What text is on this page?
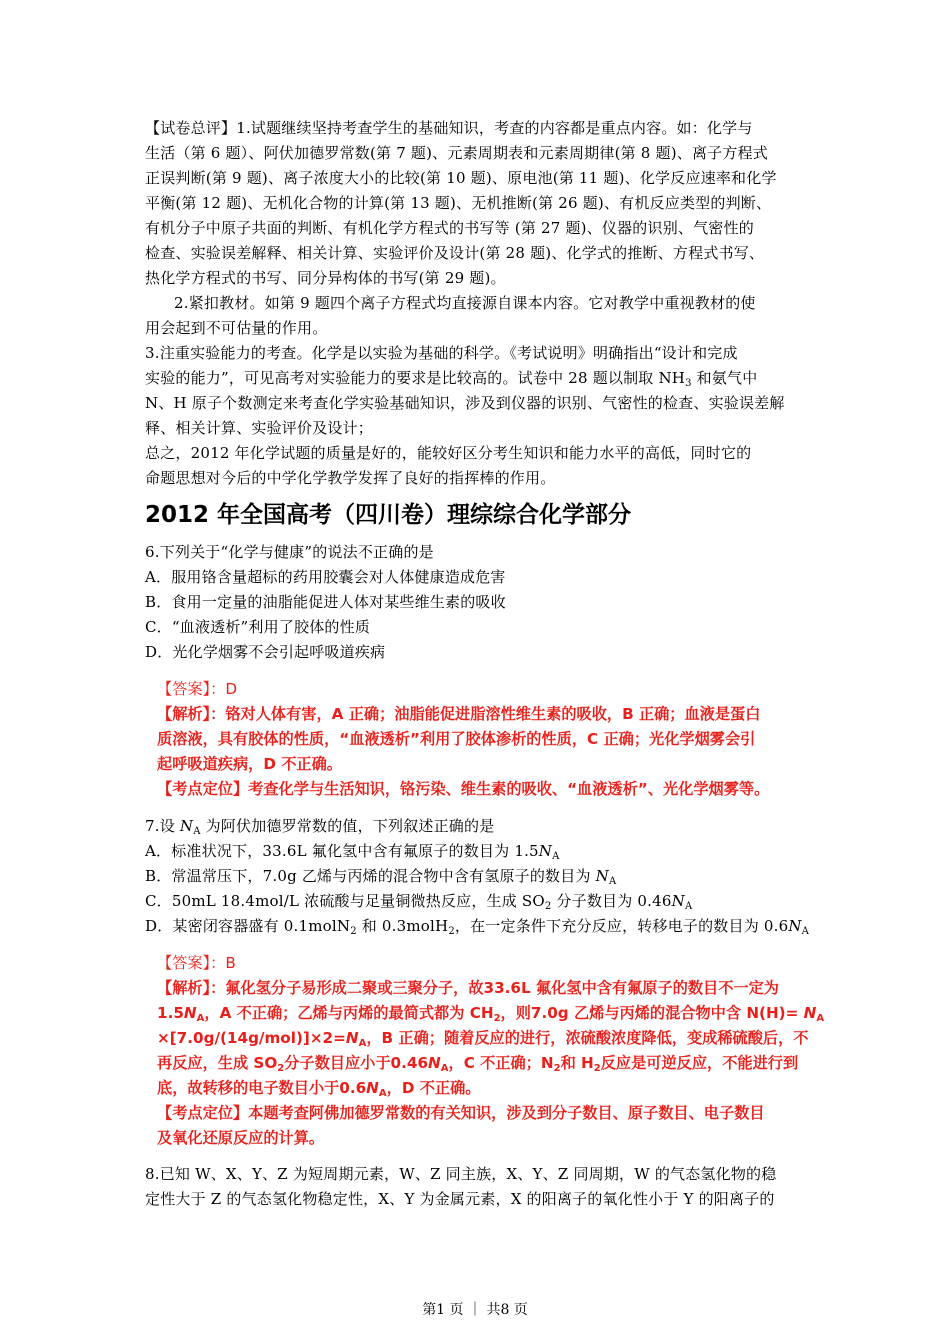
【试卷总评】1.试题继续坚持考查学生的基础知识，考查的内容都是重点内容。如：化学与
生活（第 6 题）、阿伏加德罗常数(第 7 题)、元素周期表和元素周期律(第 8 题)、离子方程式
正误判断(第 9 题)、离子浓度大小的比较(第 10 题)、原电池(第 11 题)、化学反应速率和化学
平衡(第 12 题)、无机化合物的计算(第 13 题)、无机推断(第 26 题)、有机反应类型的判断、
有机分子中原子共面的判断、有机化学方程式的书写等 (第 27 题)、仪器的识别、气密性的
检查、实验误差解释、相关计算、实验评价及设计(第 28 题)、化学式的推断、方程式书写、
热化学方程式的书写、同分异构体的书写(第 29 题)。
2.紧扣教材。如第 9 题四个离子方程式均直接源自课本内容。它对教学中重视教材的使
用会起到不可估量的作用。
3.注重实验能力的考查。化学是以实验为基础的科学。《考试说明》明确指出“设计和完成
实验的能力”，可见高考对实验能力的要求是比较高的。试卷中 28 题以制取 $NH_3$ 和氨气中
N、H 原子个数测定来考查化学实验基础知识，涉及到仪器的识别、气密性的检查、实验误差解
释、相关计算、实验评价及设计；
总之，2012 年化学试题的质量是好的，能较好区分考生知识和能力水平的高低，同时它的
命题思想对今后的中学化学教学发挥了良好的指挥棒的作用。
2012 年全国高考（四川卷）理综综合化学部分
6.下列关于“化学与健康”的说法不正确的是
A．服用铬含量超标的药用胶囊会对人体健康造成危害
B．食用一定量的油脂能促进人体对某些维生素的吸收
C．“血液透析”利用了胶体的性质
D．光化学烟雾不会引起呼吸道疾病
【答案】：D
【解析】：铬对人体有害，A 正确；油脂能促进脂溶性维生素的吸收，B 正确；血液是蛋白
质溶液，具有胶体的性质，“血液透析”利用了胶体渗析的性质，C 正确；光化学烟雾会引
起呼吸道疾病，D 不正确。
【考点定位】考查化学与生活知识，铬污染、维生素的吸收、“血液透析”、光化学烟雾等。
7.设 $N_A$ 为阿伏加德罗常数的值，下列叙述正确的是
A．标准状况下，33.6L 氟化氢中含有氟原子的数目为 $1.5N_A$
B．常温常压下，7.0g 乙烯与丙烯的混合物中含有氢原子的数目为 $N_A$
C．50mL 18.4mol/L 浓硫酸与足量铜微热反应，生成 $SO_2$ 分子数目为 $0.46N_A$
D．某密闭容器盛有 0.1molN$_2$ 和 0.3molH$_2$，在一定条件下充分反应，转移电子的数目为 $0.6N_A$
【答案】：B
【解析】：氟化氢分子易形成二聚或三聚分子，故33.6L 氟化氢中含有氟原子的数目不一定为
$1.5N_A$，A 不正确；乙烯与丙烯的最简式都为 $CH_2$，则7.0g 乙烯与丙烯的混合物中含 $N(H)= N_A$
$\times[7.0g/(14g/mol)]\times 2=N_A$，B 正确；随着反应的进行，浓硫酸浓度降低，变成稀硫酸后，不
再反应，生成 $SO_2$分子数目应小于$0.46N_A$，C 不正确；$N_2$和 $H_2$反应是可逆反应，不能进行到
底，故转移的电子数目小于$0.6N_A$，D 不正确。
【考点定位】本题考查阿佛加德罗常数的有关知识，涉及到分子数目、原子数目、电子数目
及氧化还原反应的计算。
8.已知 W、X、Y、Z 为短周期元素，W、Z 同主族，X、Y、Z 同周期，W 的气态氢化物的稳
定性大于 Z 的气态氢化物稳定性，X、Y 为金属元素，X 的阳离子的氧化性小于 Y 的阳离子的
第1 页 ｜ 共8 页
